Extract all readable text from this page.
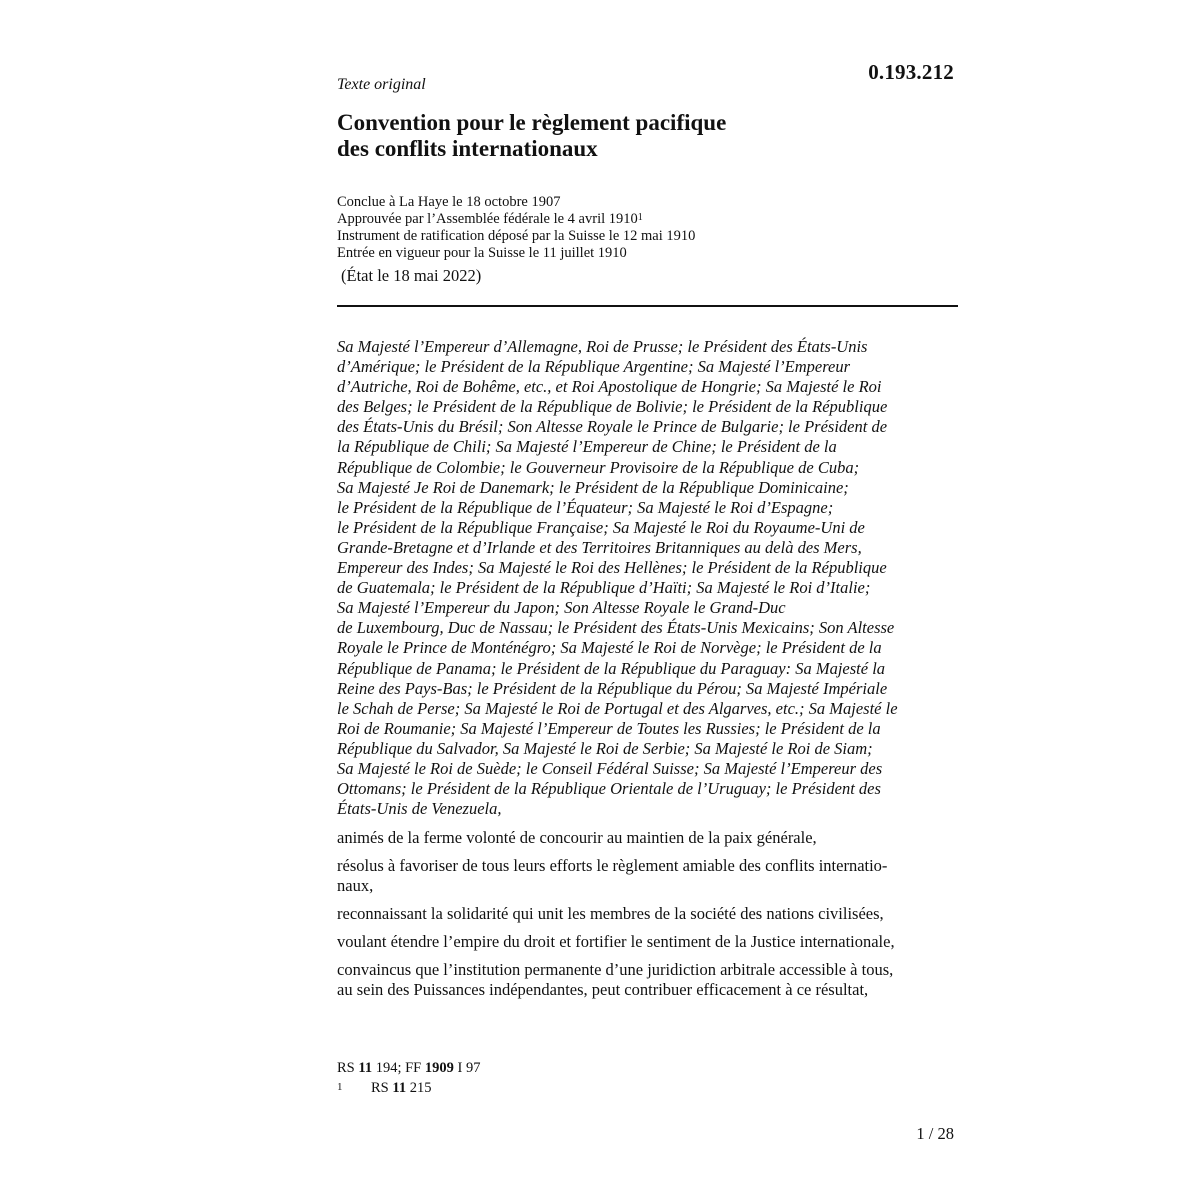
0.193.212
Texte original
Convention pour le règlement pacifique
des conflits internationaux
Conclue à La Haye le 18 octobre 1907
Approuvée par l’Assemblée fédérale le 4 avril 1910$^1$
Instrument de ratification déposé par la Suisse le 12 mai 1910
Entrée en vigueur pour la Suisse le 11 juillet 1910
(État le 18 mai 2022)
Sa Majesté l’Empereur d’Allemagne, Roi de Prusse; le Président des États-Unis
d’Amérique; le Président de la République Argentine; Sa Majesté l’Empereur
d’Autriche, Roi de Bohême, etc., et Roi Apostolique de Hongrie; Sa Majesté le Roi
des Belges; le Président de la République de Bolivie; le Président de la République
des États-Unis du Brésil; Son Altesse Royale le Prince de Bulgarie; le Président de
la République de Chili; Sa Majesté l’Empereur de Chine; le Président de la
République de Colombie; le Gouverneur Provisoire de la République de Cuba;
Sa Majesté Je Roi de Danemark; le Président de la République Dominicaine;
le Président de la République de l’Équateur; Sa Majesté le Roi d’Espagne;
le Président de la République Française; Sa Majesté le Roi du Royaume-Uni de
Grande-Bretagne et d’Irlande et des Territoires Britanniques au delà des Mers,
Empereur des Indes; Sa Majesté le Roi des Hellènes; le Président de la République
de Guatemala; le Président de la République d’Haïti; Sa Majesté le Roi d’Italie;
Sa Majesté l’Empereur du Japon; Son Altesse Royale le Grand-Duc
de Luxembourg, Duc de Nassau; le Président des États-Unis Mexicains; Son Altesse
Royale le Prince de Monténégro; Sa Majesté le Roi de Norvège; le Président de la
République de Panama; le Président de la République du Paraguay: Sa Majesté la
Reine des Pays-Bas; le Président de la République du Pérou; Sa Majesté Impériale
le Schah de Perse; Sa Majesté le Roi de Portugal et des Algarves, etc.; Sa Majesté le
Roi de Roumanie; Sa Majesté l’Empereur de Toutes les Russies; le Président de la
République du Salvador, Sa Majesté le Roi de Serbie; Sa Majesté le Roi de Siam;
Sa Majesté le Roi de Suède; le Conseil Fédéral Suisse; Sa Majesté l’Empereur des
Ottomans; le Président de la République Orientale de l’Uruguay; le Président des
États-Unis de Venezuela,
animés de la ferme volonté de concourir au maintien de la paix générale,
résolus à favoriser de tous leurs efforts le règlement amiable des conflits internatio-
naux,
reconnaissant la solidarité qui unit les membres de la société des nations civilisées,
voulant étendre l’empire du droit et fortifier le sentiment de la Justice internationale,
convaincus que l’institution permanente d’une juridiction arbitrale accessible à tous,
au sein des Puissances indépendantes, peut contribuer efficacement à ce résultat,
RS 11 194; FF 1909 I 97
1 RS 11 215
1 / 28
